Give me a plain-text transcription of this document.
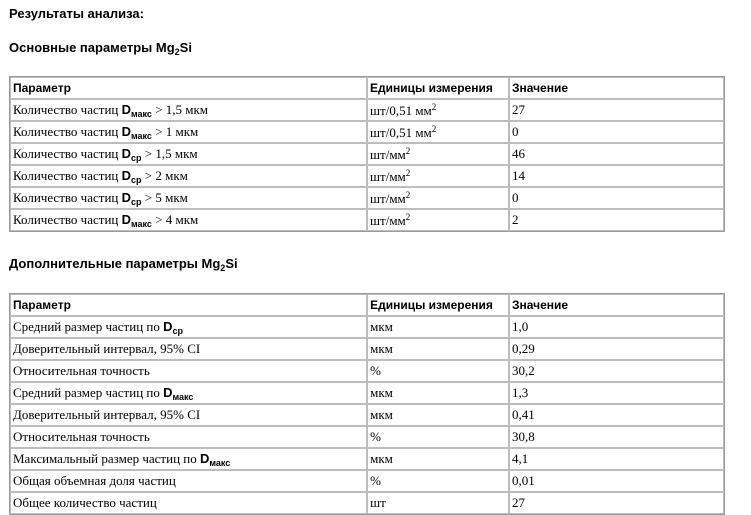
Результаты анализа:
Основные параметры $Mg_2Si$
Параметр	Единицы измерения	Значение
Количество частиц $D_{макс} > 1,5$ мкм	шт/0,51 $мм^2$	27
Количество частиц $D_{макс} > 1$ мкм	шт/0,51 $мм^2$	0
Количество частиц $D_{ср} > 1,5$ мкм	$шт/мм^2$	46
Количество частиц $D_{ср} > 2$ мкм	$шт/мм^2$	14
Количество частиц $D_{ср} > 5$ мкм	$шт/мм^2$	0
Количество частиц $D_{макс} > 4$ мкм	$шт/мм^2$	2
Дополнительные параметры $Mg_2Si$
Параметр	Единицы измерения	Значение
Средний размер частиц по $D_{ср}$	мкм	1,0
Доверительный интервал, 95% CI	мкм	0,29
Относительная точность	%	30,2
Средний размер частиц по $D_{макс}$	мкм	1,3
Доверительный интервал, 95% CI	мкм	0,41
Относительная точность	%	30,8
Максимальный размер частиц по $D_{макс}$	мкм	4,1
Общая объемная доля частиц	%	0,01
Общее количество частиц	шт	27
